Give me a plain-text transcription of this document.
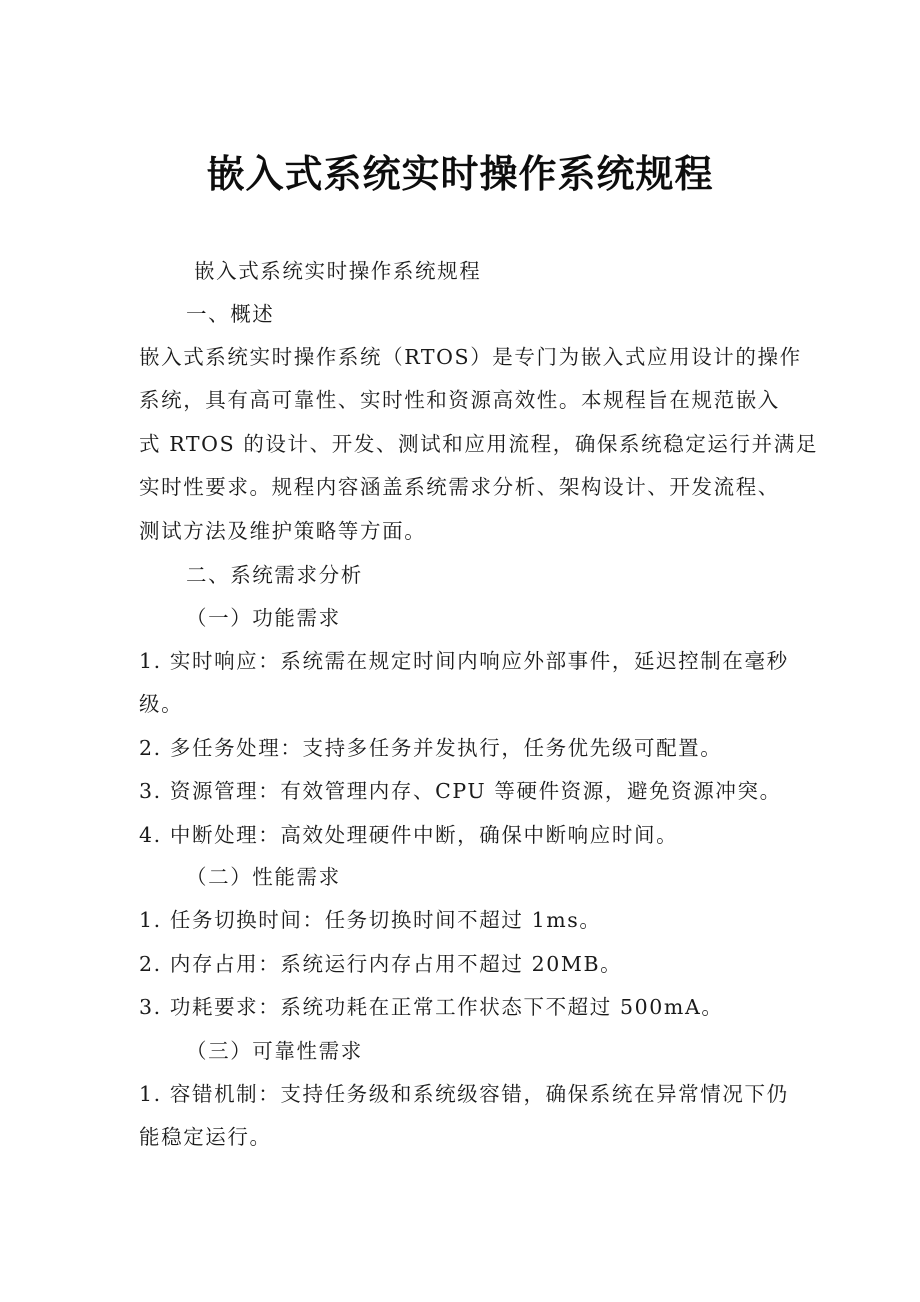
嵌入式系统实时操作系统规程
嵌入式系统实时操作系统规程
一、概述
嵌入式系统实时操作系统（RTOS）是专门为嵌入式应用设计的操作
系统，具有高可靠性、实时性和资源高效性。本规程旨在规范嵌入
式 RTOS 的设计、开发、测试和应用流程，确保系统稳定运行并满足
实时性要求。规程内容涵盖系统需求分析、架构设计、开发流程、
测试方法及维护策略等方面。
二、系统需求分析
（一）功能需求
1. 实时响应：系统需在规定时间内响应外部事件，延迟控制在毫秒
级。
2. 多任务处理：支持多任务并发执行，任务优先级可配置。
3. 资源管理：有效管理内存、CPU 等硬件资源，避免资源冲突。
4. 中断处理：高效处理硬件中断，确保中断响应时间。
（二）性能需求
1. 任务切换时间：任务切换时间不超过 1ms。
2. 内存占用：系统运行内存占用不超过 20MB。
3. 功耗要求：系统功耗在正常工作状态下不超过 500mA。
（三）可靠性需求
1. 容错机制：支持任务级和系统级容错，确保系统在异常情况下仍
能稳定运行。
